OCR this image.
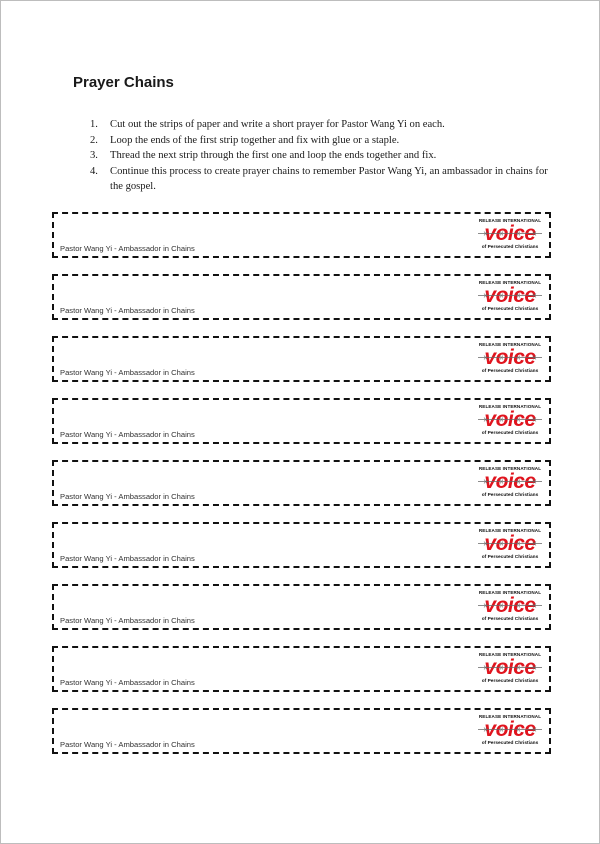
Prayer Chains
1. Cut out the strips of paper and write a short prayer for Pastor Wang Yi on each.
2. Loop the ends of the first strip together and fix with glue or a staple.
3. Thread the next strip through the first one and loop the ends together and fix.
4. Continue this process to create prayer chains to remember Pastor Wang Yi, an ambassador in chains for the gospel.
Pastor Wang Yi - Ambassador in Chains
RELEASE INTERNATIONAL
voice
of Persecuted Christians
Pastor Wang Yi - Ambassador in Chains
RELEASE INTERNATIONAL
voice
of Persecuted Christians
Pastor Wang Yi - Ambassador in Chains
RELEASE INTERNATIONAL
voice
of Persecuted Christians
Pastor Wang Yi - Ambassador in Chains
RELEASE INTERNATIONAL
voice
of Persecuted Christians
Pastor Wang Yi - Ambassador in Chains
RELEASE INTERNATIONAL
voice
of Persecuted Christians
Pastor Wang Yi - Ambassador in Chains
RELEASE INTERNATIONAL
voice
of Persecuted Christians
Pastor Wang Yi - Ambassador in Chains
RELEASE INTERNATIONAL
voice
of Persecuted Christians
Pastor Wang Yi - Ambassador in Chains
RELEASE INTERNATIONAL
voice
of Persecuted Christians
Pastor Wang Yi - Ambassador in Chains
RELEASE INTERNATIONAL
voice
of Persecuted Christians
